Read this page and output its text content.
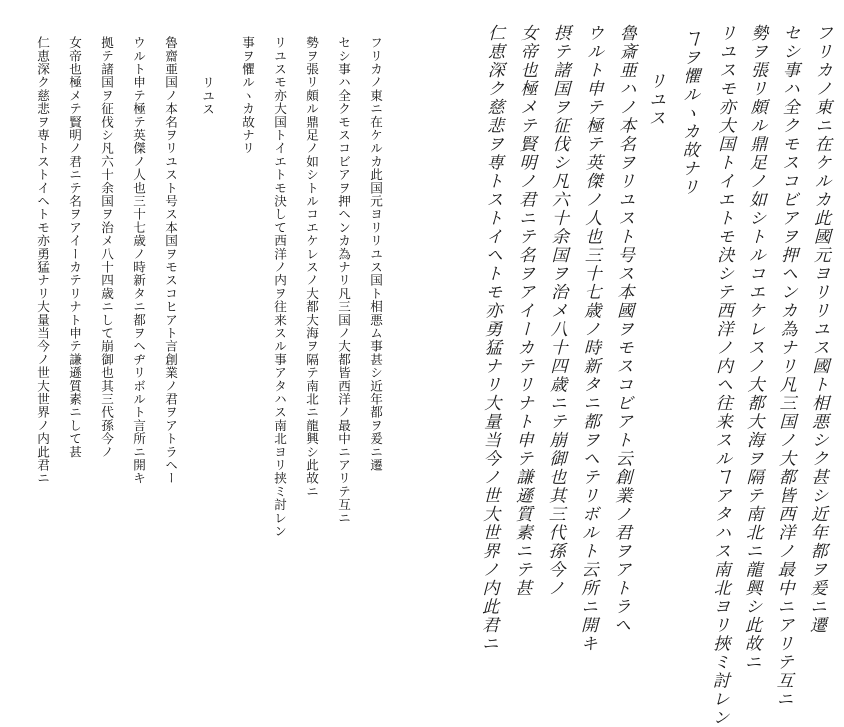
フリカノ東ニ在ケルカ此國元ヨリリユス國ト相悪シク甚シ近年都ヲ爰ニ遷
セシ事ハ全クモスコビアヲ押ヘンカ為ナリ凡三国ノ大都皆西洋ノ最中ニアリテ互ニ
勢ヲ張リ頗ル鼎足ノ如シトルコエケレスノ大都大海ヲ隔テ南北ニ龍興シ此故ニ
リユスモ亦大国トイエトモ決シテ西洋ノ内ヘ往来スルヿアタハス南北ヨリ挾ミ討レン
ヿヲ懼ルヽカ故ナリ
リユス
魯斎亜ハノ本名ヲリユスト号ス本國ヲモスコビアト云創業ノ君ヲアトラヘ
ウルト申テ極テ英傑ノ人也三十七歳ノ時新タニ都ヲヘテリボルト云所ニ開キ
摂テ諸国ヲ征伐シ凡六十余国ヲ治メ八十四歳ニテ崩御也其三代孫今ノ
女帝也極メテ賢明ノ君ニテ名ヲアイーカテリナト申テ謙遜質素ニテ甚
仁恵深ク慈悲ヲ専トストイヘトモ亦勇猛ナリ大量当今ノ世大世界ノ内此君ニ
フリカノ東ニ在ケルカ此国元ヨリリユス国ト相悪ム事甚シ近年都ヲ爰ニ遷
セシ事ハ全クモスコビアヲ押ヘンカ為ナリ凡三国ノ大都皆西洋ノ最中ニアリテ互ニ
勢ヲ張リ頗ル鼎足ノ如シトルコエケレスノ大都大海ヲ隔テ南北ニ龍興シ此故ニ
リユスモ亦大国トイエトモ決して西洋ノ内ヲ往来スル事アタハス南北ヨリ挟ミ討レン
事ヲ懼ルヽカ故ナリ
リユス
魯齋亜国ノ本名ヲリユスト号ス本国ヲモスコヒアト言創業ノ君ヲアトラヘー
ウルト申テ極テ英傑ノ人也三十七歳ノ時新タニ都ヲヘヂリボルト言所ニ開キ
拠テ諸国ヲ征伐シ凡六十余国ヲ治メ八十四歳ニして崩御也其三代孫今ノ
女帝也極メテ賢明ノ君ニテ名ヲアイーカテリナト申テ謙遜質素ニして甚
仁恵深ク慈悲ヲ専トストイヘトモ亦勇猛ナリ大量当今ノ世大世界ノ内此君ニ
